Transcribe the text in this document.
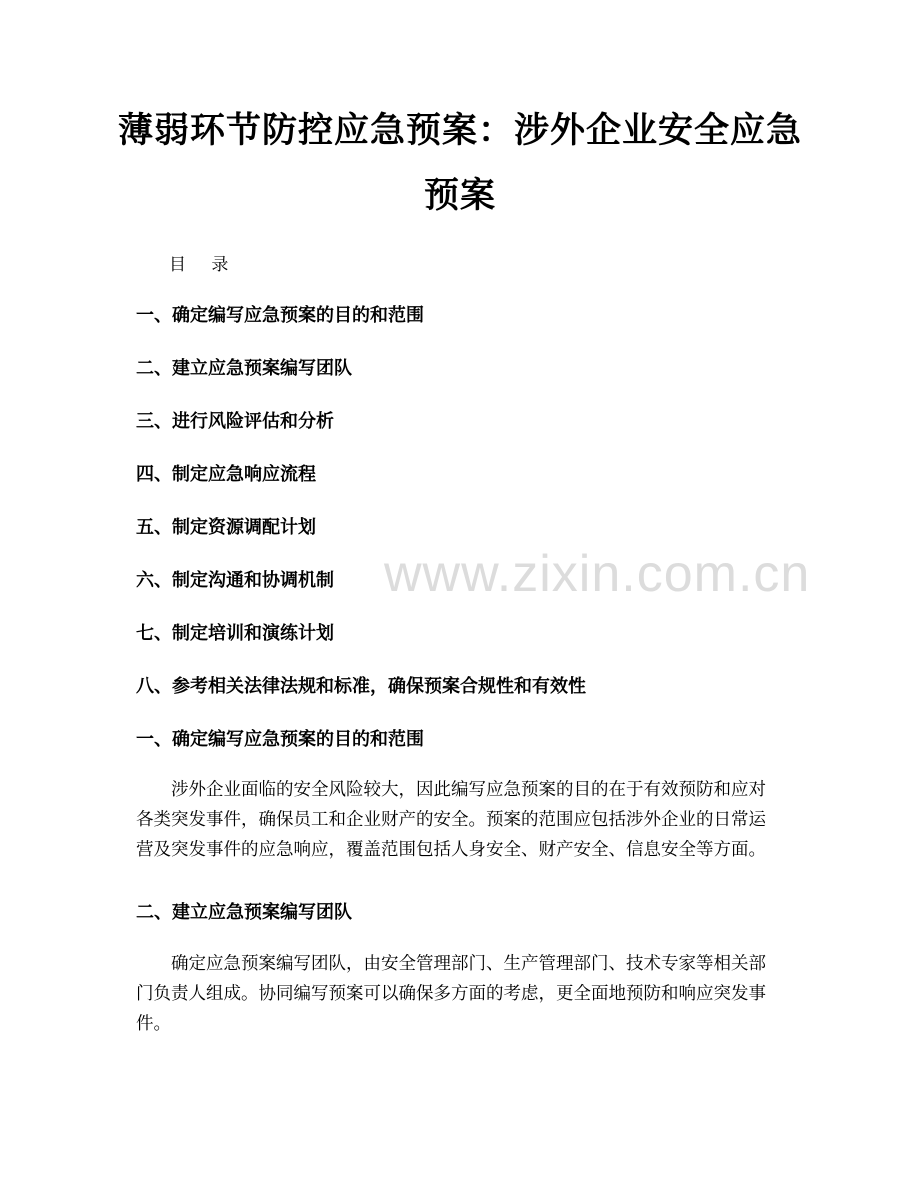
薄弱环节防控应急预案：涉外企业安全应急
预案
目 录
一、确定编写应急预案的目的和范围
二、建立应急预案编写团队
三、进行风险评估和分析
四、制定应急响应流程
五、制定资源调配计划
六、制定沟通和协调机制
七、制定培训和演练计划
八、参考相关法律法规和标准，确保预案合规性和有效性
一、确定编写应急预案的目的和范围
涉外企业面临的安全风险较大，因此编写应急预案的目的在于有效预防和应对
各类突发事件，确保员工和企业财产的安全。预案的范围应包括涉外企业的日常运
营及突发事件的应急响应，覆盖范围包括人身安全、财产安全、信息安全等方面。
二、建立应急预案编写团队
确定应急预案编写团队，由安全管理部门、生产管理部门、技术专家等相关部
门负责人组成。协同编写预案可以确保多方面的考虑，更全面地预防和响应突发事
件。
www.zixin.com.cn
